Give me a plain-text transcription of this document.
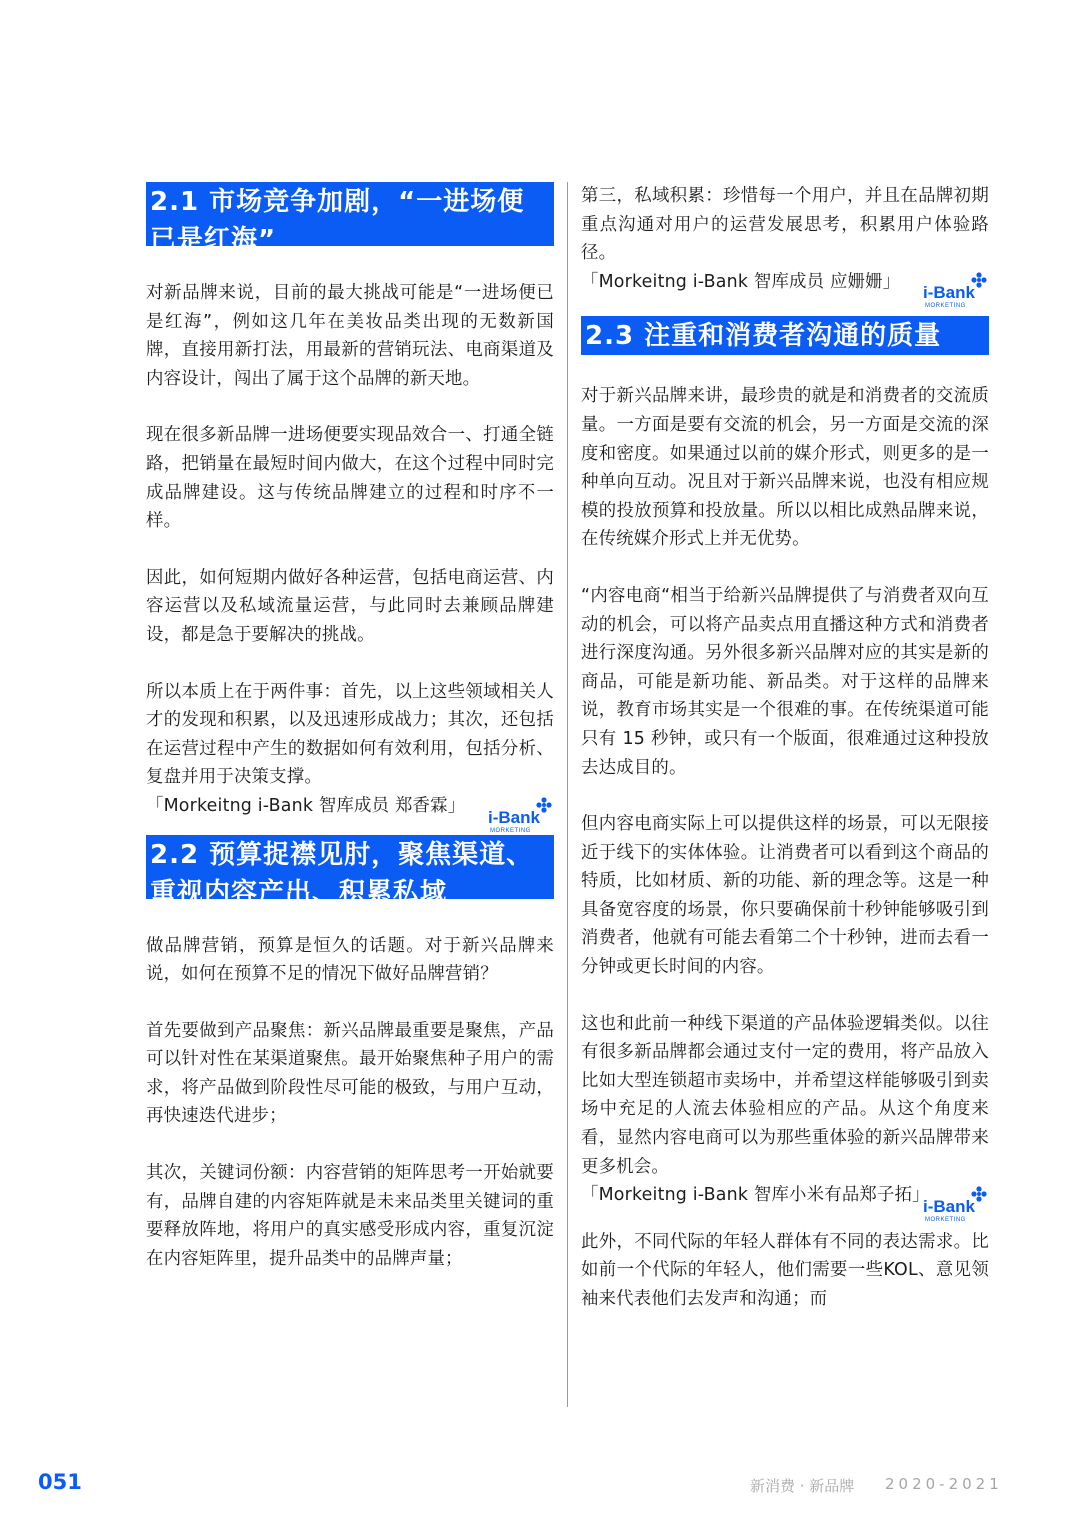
2.1 市场竞争加剧，“一进场便已是红海”

对新品牌来说，目前的最大挑战可能是“一进场便已是红海”，例如这几年在美妆品类出现的无数新国牌，直接用新打法，用最新的营销玩法、电商渠道及内容设计，闯出了属于这个品牌的新天地。

现在很多新品牌一进场便要实现品效合一、打通全链路，把销量在最短时间内做大，在这个过程中同时完成品牌建设。这与传统品牌建立的过程和时序不一样。

因此，如何短期内做好各种运营，包括电商运营、内容运营以及私域流量运营，与此同时去兼顾品牌建设，都是急于要解决的挑战。

所以本质上在于两件事：首先，以上这些领域相关人才的发现和积累，以及迅速形成战力；其次，还包括在运营过程中产生的数据如何有效利用，包括分析、复盘并用于决策支撑。

「Morkeitng i-Bank 智库成员 郑香霖」

i-Bank
MORKETING
2.2 预算捉襟见肘，聚焦渠道、重视内容产出、积累私域

做品牌营销，预算是恒久的话题。对于新兴品牌来说，如何在预算不足的情况下做好品牌营销？

首先要做到产品聚焦：新兴品牌最重要是聚焦，产品可以针对性在某渠道聚焦。最开始聚焦种子用户的需求，将产品做到阶段性尽可能的极致，与用户互动，再快速迭代进步；

其次，关键词份额：内容营销的矩阵思考一开始就要有，品牌自建的内容矩阵就是未来品类里关键词的重要释放阵地，将用户的真实感受形成内容，重复沉淀在内容矩阵里，提升品类中的品牌声量；

第三，私域积累：珍惜每一个用户，并且在品牌初期重点沟通对用户的运营发展思考，积累用户体验路径。

「Morkeitng i-Bank 智库成员 应姗姗」

i-Bank
MORKETING
2.3 注重和消费者沟通的质量

对于新兴品牌来讲，最珍贵的就是和消费者的交流质量。一方面是要有交流的机会，另一方面是交流的深度和密度。如果通过以前的媒介形式，则更多的是一种单向互动。况且对于新兴品牌来说，也没有相应规模的投放预算和投放量。所以以相比成熟品牌来说，在传统媒介形式上并无优势。

“内容电商“相当于给新兴品牌提供了与消费者双向互动的机会，可以将产品卖点用直播这种方式和消费者进行深度沟通。另外很多新兴品牌对应的其实是新的商品，可能是新功能、新品类。对于这样的品牌来说，教育市场其实是一个很难的事。在传统渠道可能只有 15 秒钟，或只有一个版面，很难通过这种投放去达成目的。

但内容电商实际上可以提供这样的场景，可以无限接近于线下的实体体验。让消费者可以看到这个商品的特质，比如材质、新的功能、新的理念等。这是一种具备宽容度的场景，你只要确保前十秒钟能够吸引到消费者，他就有可能去看第二个十秒钟，进而去看一分钟或更长时间的内容。

这也和此前一种线下渠道的产品体验逻辑类似。以往有很多新品牌都会通过支付一定的费用，将产品放入比如大型连锁超市卖场中，并希望这样能够吸引到卖场中充足的人流去体验相应的产品。从这个角度来看，显然内容电商可以为那些重体验的新兴品牌带来更多机会。

「Morkeitng i-Bank 智库小米有品郑子拓」

i-Bank
MORKETING

此外，不同代际的年轻人群体有不同的表达需求。比如前一个代际的年轻人，他们需要一些KOL、意见领袖来代表他们去发声和沟通；而

051	新消费 · 新品牌 2020-2021
